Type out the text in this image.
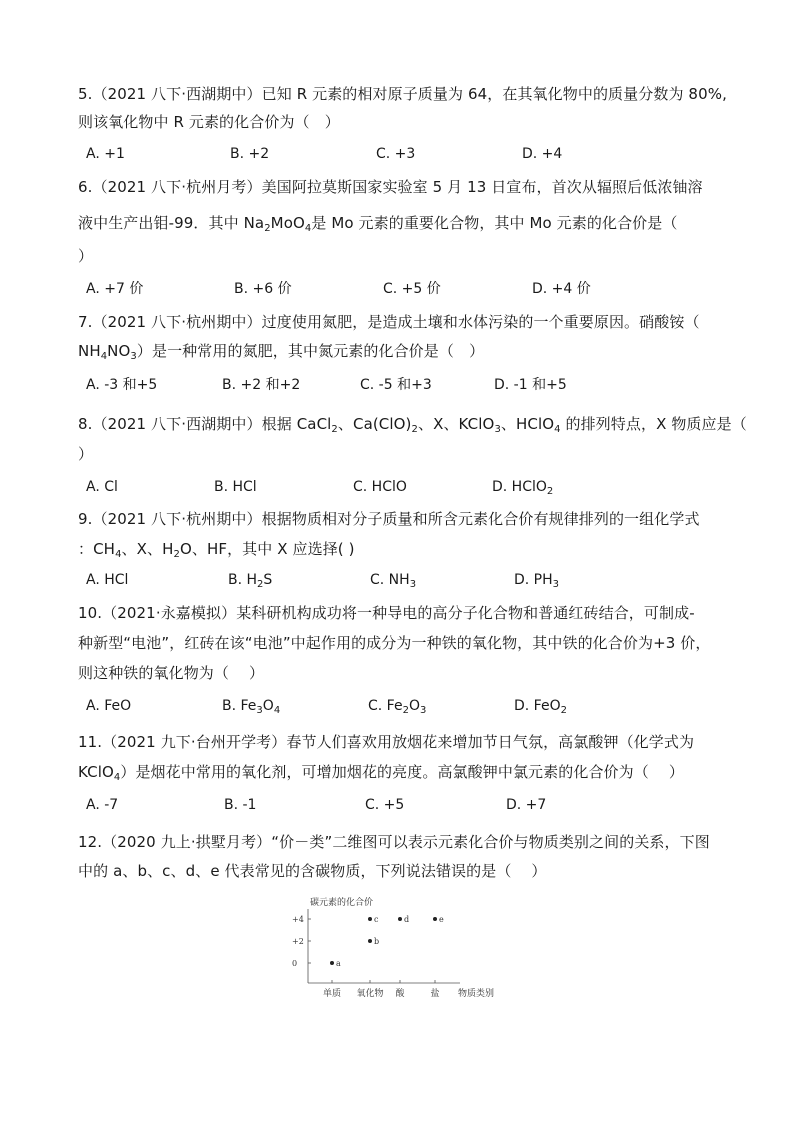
5.（2021 八下·西湖期中）已知 R 元素的相对原子质量为 64，在其氧化物中的质量分数为 80%,
则该氧化物中 R 元素的化合价为（　）
A. +1	B. +2	C. +3	D. +4
6.（2021 八下·杭州月考）美国阿拉莫斯国家实验室 5 月 13 日宣布，首次从辐照后低浓铀溶
液中生产出钼-99．其中 $Na_2MoO_4$是 Mo 元素的重要化合物，其中 Mo 元素的化合价是（
）
A. +7 价	B. +6 价	C. +5 价	D. +4 价
7.（2021 八下·杭州期中）过度使用氮肥，是造成土壤和水体污染的一个重要原因。硝酸铵（
$NH_4NO_3$）是一种常用的氮肥，其中氮元素的化合价是（　）
A. -3 和+5	B. +2 和+2	C. -5 和+3	D. -1 和+5
8.（2021 八下·西湖期中）根据 CaCl$_2$、$Ca(ClO)_2$、X、KClO$_3$、HClO$_4$ 的排列特点，X 物质应是（
）
A. Cl	B. HCl	C. HClO	D. HClO$_2$
9.（2021 八下·杭州期中）根据物质相对分子质量和所含元素化合价有规律排列的一组化学式
：$CH_4$、X、$H_2O$、HF，其中 X 应选择( )
A. HCl	B. $H_2S$	C. $NH_3$	D. $PH_3$
10.（2021·永嘉模拟）某科研机构成功将一种导电的高分子化合物和普通红砖结合，可制成-
种新型“电池”，红砖在该“电池”中起作用的成分为一种铁的氧化物，其中铁的化合价为+3 价，
则这种铁的氧化物为（　 ）
A. FeO	B. $Fe_3O_4$	C. $Fe_2O_3$	D. FeO$_2$
11.（2021 九下·台州开学考）春节人们喜欢用放烟花来增加节日气氛，高氯酸钾（化学式为
KClO$_4$）是烟花中常用的氧化剂，可增加烟花的亮度。高氯酸钾中氯元素的化合价为（　 ）
A. -7	B. -1	C. +5	D. +7
12.（2020 九上·拱墅月考）“价－类”二维图可以表示元素化合价与物质类别之间的关系，下图
中的 a、b、c、d、e 代表常见的含碳物质，下列说法错误的是（　 ）
碳元素的化合价
+4
+2
0
单质 氧化物 酸	盐
a
b
c	d	e
物质类别
